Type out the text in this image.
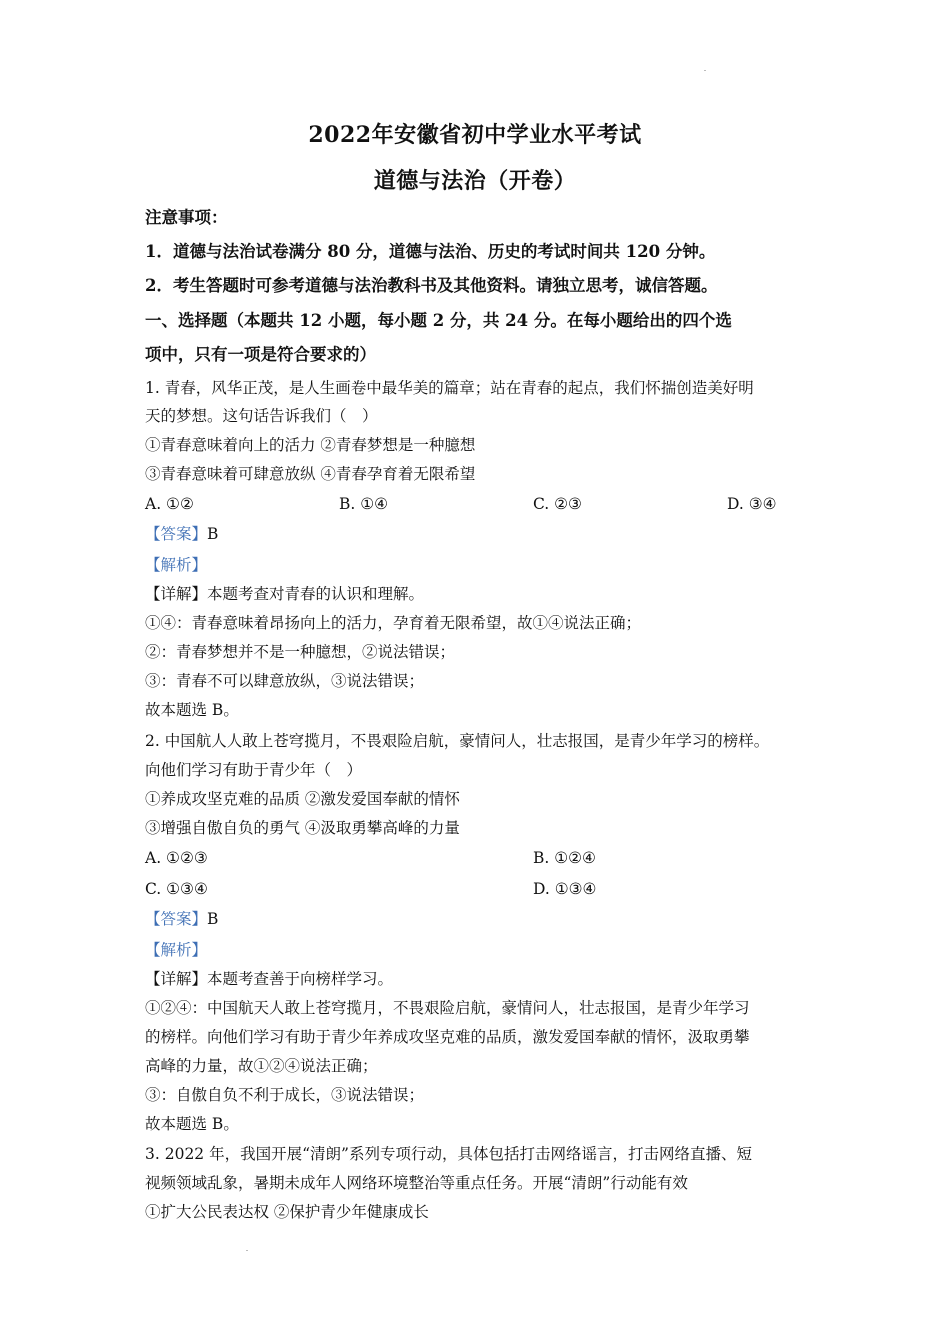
2022年安徽省初中学业水平考试
道德与法治（开卷）
注意事项：
1．道德与法治试卷满分 80 分，道德与法治、历史的考试时间共 120 分钟。
2．考生答题时可参考道德与法治教科书及其他资料。请独立思考，诚信答题。
一、选择题（本题共 12 小题，每小题 2 分，共 24 分。在每小题给出的四个选
项中，只有一项是符合要求的）
1. 青春，风华正茂，是人生画卷中最华美的篇章；站在青春的起点，我们怀揣创造美好明
天的梦想。这句话告诉我们（　）
①青春意味着向上的活力 ②青春梦想是一种臆想
③青春意味着可肆意放纵 ④青春孕育着无限希望
A. ①②	B. ①④	C. ②③	D. ③④
【答案】B
【解析】
【详解】本题考查对青春的认识和理解。
①④：青春意味着昂扬向上的活力，孕育着无限希望，故①④说法正确；
②：青春梦想并不是一种臆想，②说法错误；
③：青春不可以肆意放纵，③说法错误；
故本题选 B。
2. 中国航人人敢上苍穹揽月，不畏艰险启航，豪情问人，壮志报国，是青少年学习的榜样。
向他们学习有助于青少年（　）
①养成攻坚克难的品质 ②激发爱国奉献的情怀
③增强自傲自负的勇气 ④汲取勇攀高峰的力量
A. ①②③	B. ①②④
C. ①③④	D. ①③④
【答案】B
【解析】
【详解】本题考查善于向榜样学习。
①②④：中国航天人敢上苍穹揽月，不畏艰险启航，豪情问人，壮志报国，是青少年学习
的榜样。向他们学习有助于青少年养成攻坚克难的品质，激发爱国奉献的情怀，汲取勇攀
高峰的力量，故①②④说法正确；
③：自傲自负不利于成长，③说法错误；
故本题选 B。
3. 2022 年，我国开展“清朗”系列专项行动，具体包括打击网络谣言，打击网络直播、短
视频领域乱象，暑期未成年人网络环境整治等重点任务。开展“清朗”行动能有效
①扩大公民表达权 ②保护青少年健康成长
